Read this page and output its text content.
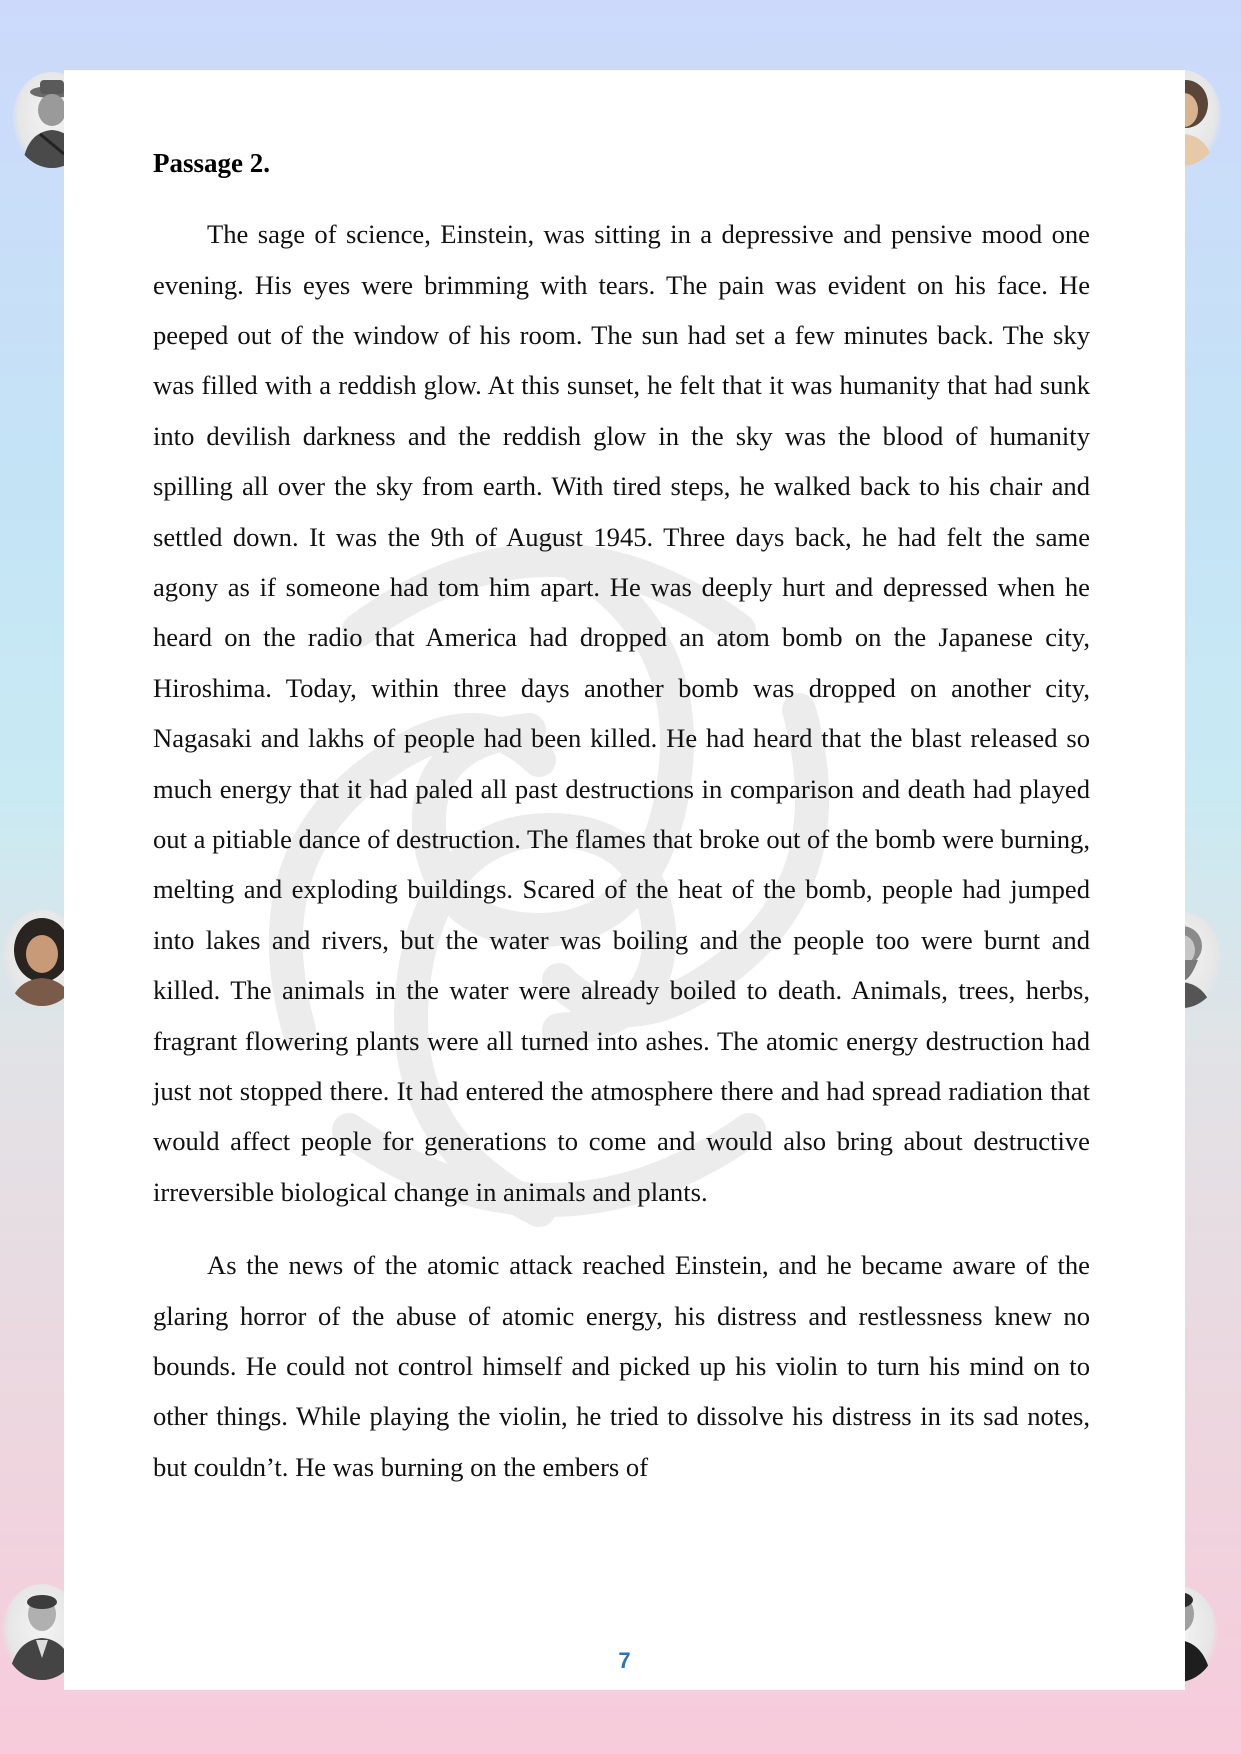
Passage 2.

The sage of science, Einstein, was sitting in a depressive and pensive mood one evening. His eyes were brimming with tears. The pain was evident on his face. He peeped out of the window of his room. The sun had set a few minutes back. The sky was filled with a reddish glow. At this sunset, he felt that it was humanity that had sunk into devilish darkness and the reddish glow in the sky was the blood of humanity spilling all over the sky from earth. With tired steps, he walked back to his chair and settled down. It was the 9th of August 1945. Three days back, he had felt the same agony as if someone had tom him apart. He was deeply hurt and depressed when he heard on the radio that America had dropped an atom bomb on the Japanese city, Hiroshima. Today, within three days another bomb was dropped on another city, Nagasaki and lakhs of people had been killed. He had heard that the blast released so much energy that it had paled all past destructions in comparison and death had played out a pitiable dance of destruction. The flames that broke out of the bomb were burning, melting and exploding buildings. Scared of the heat of the bomb, people had jumped into lakes and rivers, but the water was boiling and the people too were burnt and killed. The animals in the water were already boiled to death. Animals, trees, herbs, fragrant flowering plants were all turned into ashes. The atomic energy destruction had just not stopped there. It had entered the atmosphere there and had spread radiation that would affect people for generations to come and would also bring about destructive irreversible biological change in animals and plants.

As the news of the atomic attack reached Einstein, and he became aware of the glaring horror of the abuse of atomic energy, his distress and restlessness knew no bounds. He could not control himself and picked up his violin to turn his mind on to other things. While playing the violin, he tried to dissolve his distress in its sad notes, but couldn’t. He was burning on the embers of

7
